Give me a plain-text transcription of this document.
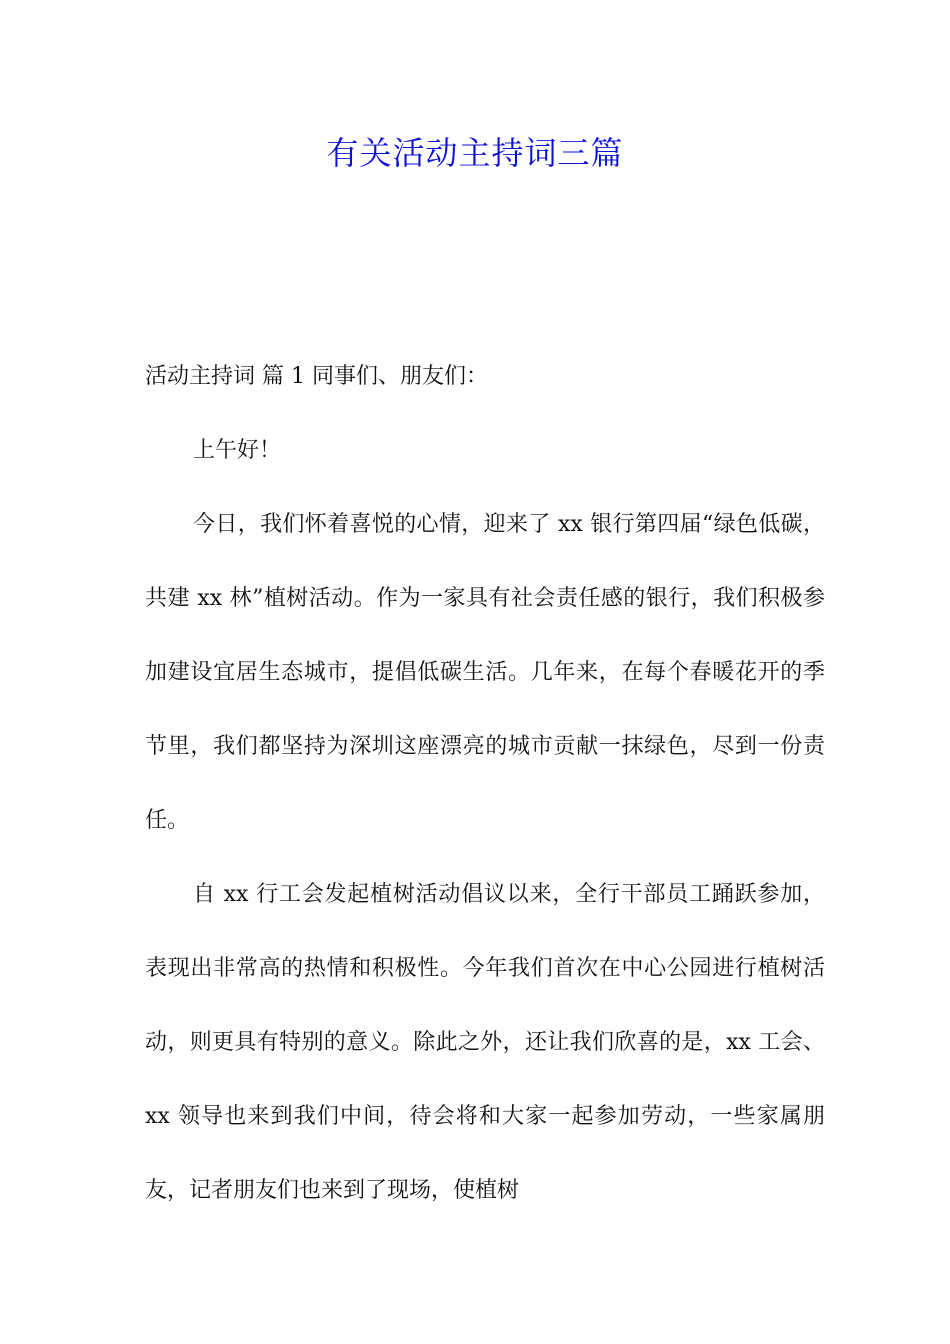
有关活动主持词三篇

活动主持词 篇 1 同事们、朋友们：

上午好！

今日，我们怀着喜悦的心情，迎来了 xx 银行第四届“绿色低碳，共建 xx 林”植树活动。作为一家具有社会责任感的银行，我们积极参加建设宜居生态城市，提倡低碳生活。几年来，在每个春暖花开的季节里，我们都坚持为深圳这座漂亮的城市贡献一抹绿色，尽到一份责任。

自 xx 行工会发起植树活动倡议以来，全行干部员工踊跃参加，表现出非常高的热情和积极性。今年我们首次在中心公园进行植树活动，则更具有特别的意义。除此之外，还让我们欣喜的是，xx 工会、xx 领导也来到我们中间，待会将和大家一起参加劳动，一些家属朋友，记者朋友们也来到了现场，使植树
